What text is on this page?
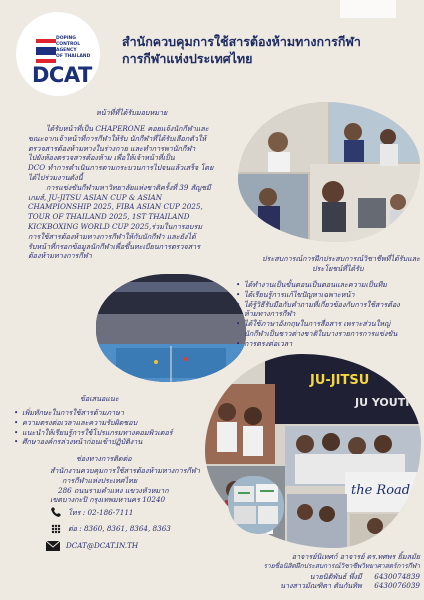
DOPING
CONTROL
AGENCY
OF THAILAND
DCAT
สำนักควบคุมการใช้สารต้องห้ามทางการกีฬา
การกีฬาแห่งประเทศไทย
JU-JITSU
JU YOUTH
the Road
หน้าที่ที่ได้รับมอบหมาย
ได้รับหน้าที่เป็น CHAPERONE คอยแจ้งนักกีฬาและ
ขณะจากเจ้าหน้าที่การกีฬาให้รับ นักกีฬาที่ได้รับเลือกตัวให้
ตรวจสารต้องห้ามทางในร่างกาย และทำการพานักกีฬา
ไปยังห้องตรวจสารต้องห้าม เพื่อให้เจ้าหน้าที่เป็น
DCO ทำการดำเนินการตามกระบวนการไปจนแล้วเสร็จ โดย
ได้ไปร่วมงานดังนี้
การแข่งขันกีฬามหาวิทยาลัยแห่งชาติครั้งที่ 39 สัญชมี
เกมส์, JU-JITSU ASIAN CUP & ASIAN
CHAMPIONSHIP 2025, FIBA ASIAN CUP 2025,
TOUR OF THAILAND 2025, 1ST THAILAND
KICKBOXING WORLD CUP 2025,ร่วมในการอบรม
การใช้สารต้องห้ามทางการกีฬาให้กับนักกีฬา และยังได้
รับหน้าที่กรอกข้อมูลนักกีฬาเพื่อขึ้นทะเบียนการตรวจสาร
ต้องห้ามทางการกีฬา	ประสบการณ์การฝึกประสบการณ์วิชาชีพที่ได้รับและ
ประโยชน์ที่ได้รับ
• ได้ทำงานเป็นขั้นตอนเป็นตอนและความเป็นทีม
• ได้เรียนรู้การแก้ไขปัญหาเฉพาะหน้า
• ได้รู้วิธีรับมือกับคำถามที่เกี่ยวข้องกับการใช้สารต้อง
ห้ามทางการกีฬา
• ได้ใช้ภาษาอังกฤษในการสื่อสาร เพราะส่วนใหญ่
นักกีฬาเป็นชาวต่างชาติในบางรายการการแข่งขัน
• การตรงต่อเวลา
ข้อเสนอแนะ
• เพิ่มทักษะในการใช้สารต้ามภาษา
• ความตรงต่อเวลาและความรับผิดชอบ
• แนะนำให้เรียนรู้การใช้โปรแกรมทางคอมพิวเตอร์
• ศึกษาองค์กรล่วงหน้าก่อนเข้าปฏิบัติงาน
ช่องทางการติดต่อ
สำนักงานควบคุมการใช้สารต้องห้ามทางการกีฬา
การกีฬาแห่งประเทศไทย
286 ถนนรามคำแหง แขวงหัวหมาก
เขตบางกะปิ กรุงเทพมหานคร 10240
โทร : 02-186-7111
ต่อ : 8360, 8361, 8364, 8363
DCAT@DCAT.IN.TH
อาจารย์นิเทศก์ อาจารย์ ดร.ทศพร ยิ้มลมัย
รายชื่อนิสิตฝึกประสบการณ์วิชาชีพวิทยาศาสตร์การกีฬา
นายนิติพันธ์ พึ่งมี 6430074839
นางสาวมัณฑิตา ตันกันทิพ 6430076039
